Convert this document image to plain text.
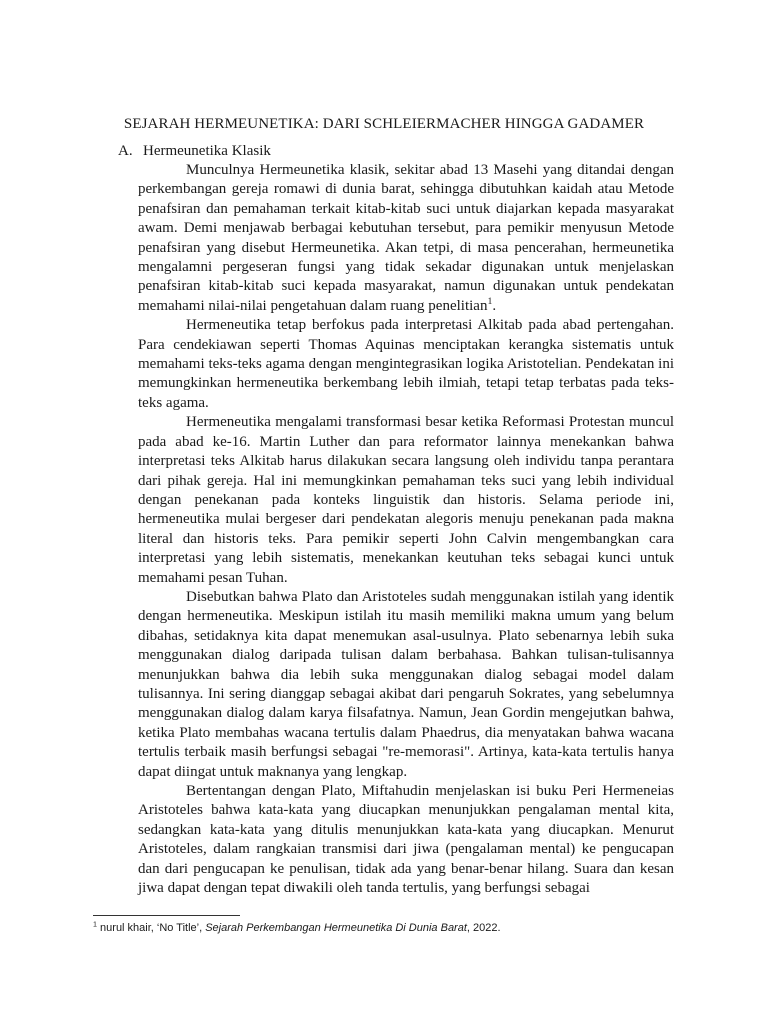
SEJARAH HERMEUNETIKA: DARI SCHLEIERMACHER HINGGA GADAMER
A. Hermeunetika Klasik

Munculnya Hermeunetika klasik, sekitar abad 13 Masehi yang ditandai dengan perkembangan gereja romawi di dunia barat, sehingga dibutuhkan kaidah atau Metode penafsiran dan pemahaman terkait kitab-kitab suci untuk diajarkan kepada masyarakat awam. Demi menjawab berbagai kebutuhan tersebut, para pemikir menyusun Metode penafsiran yang disebut Hermeunetika. Akan tetpi, di masa pencerahan, hermeunetika mengalamni pergeseran fungsi yang tidak sekadar digunakan untuk menjelaskan penafsiran kitab-kitab suci kepada masyarakat, namun digunakan untuk pendekatan memahami nilai-nilai pengetahuan dalam ruang penelitian$^1$.

Hermeneutika tetap berfokus pada interpretasi Alkitab pada abad pertengahan. Para cendekiawan seperti Thomas Aquinas menciptakan kerangka sistematis untuk memahami teks-teks agama dengan mengintegrasikan logika Aristotelian. Pendekatan ini memungkinkan hermeneutika berkembang lebih ilmiah, tetapi tetap terbatas pada teks-teks agama.

Hermeneutika mengalami transformasi besar ketika Reformasi Protestan muncul pada abad ke-16. Martin Luther dan para reformator lainnya menekankan bahwa interpretasi teks Alkitab harus dilakukan secara langsung oleh individu tanpa perantara dari pihak gereja. Hal ini memungkinkan pemahaman teks suci yang lebih individual dengan penekanan pada konteks linguistik dan historis. Selama periode ini, hermeneutika mulai bergeser dari pendekatan alegoris menuju penekanan pada makna literal dan historis teks. Para pemikir seperti John Calvin mengembangkan cara interpretasi yang lebih sistematis, menekankan keutuhan teks sebagai kunci untuk memahami pesan Tuhan.

Disebutkan bahwa Plato dan Aristoteles sudah menggunakan istilah yang identik dengan hermeneutika. Meskipun istilah itu masih memiliki makna umum yang belum dibahas, setidaknya kita dapat menemukan asal-usulnya. Plato sebenarnya lebih suka menggunakan dialog daripada tulisan dalam berbahasa. Bahkan tulisan-tulisannya menunjukkan bahwa dia lebih suka menggunakan dialog sebagai model dalam tulisannya. Ini sering dianggap sebagai akibat dari pengaruh Sokrates, yang sebelumnya menggunakan dialog dalam karya filsafatnya. Namun, Jean Gordin mengejutkan bahwa, ketika Plato membahas wacana tertulis dalam Phaedrus, dia menyatakan bahwa wacana tertulis terbaik masih berfungsi sebagai "re-memorasi". Artinya, kata-kata tertulis hanya dapat diingat untuk maknanya yang lengkap.

Bertentangan dengan Plato, Miftahudin menjelaskan isi buku Peri Hermeneias Aristoteles bahwa kata-kata yang diucapkan menunjukkan pengalaman mental kita, sedangkan kata-kata yang ditulis menunjukkan kata-kata yang diucapkan. Menurut Aristoteles, dalam rangkaian transmisi dari jiwa (pengalaman mental) ke pengucapan dan dari pengucapan ke penulisan, tidak ada yang benar-benar hilang. Suara dan kesan jiwa dapat dengan tepat diwakili oleh tanda tertulis, yang berfungsi sebagai

$^1$ nurul khair, ‘No Title’, Sejarah Perkembangan Hermeunetika Di Dunia Barat, 2022.
